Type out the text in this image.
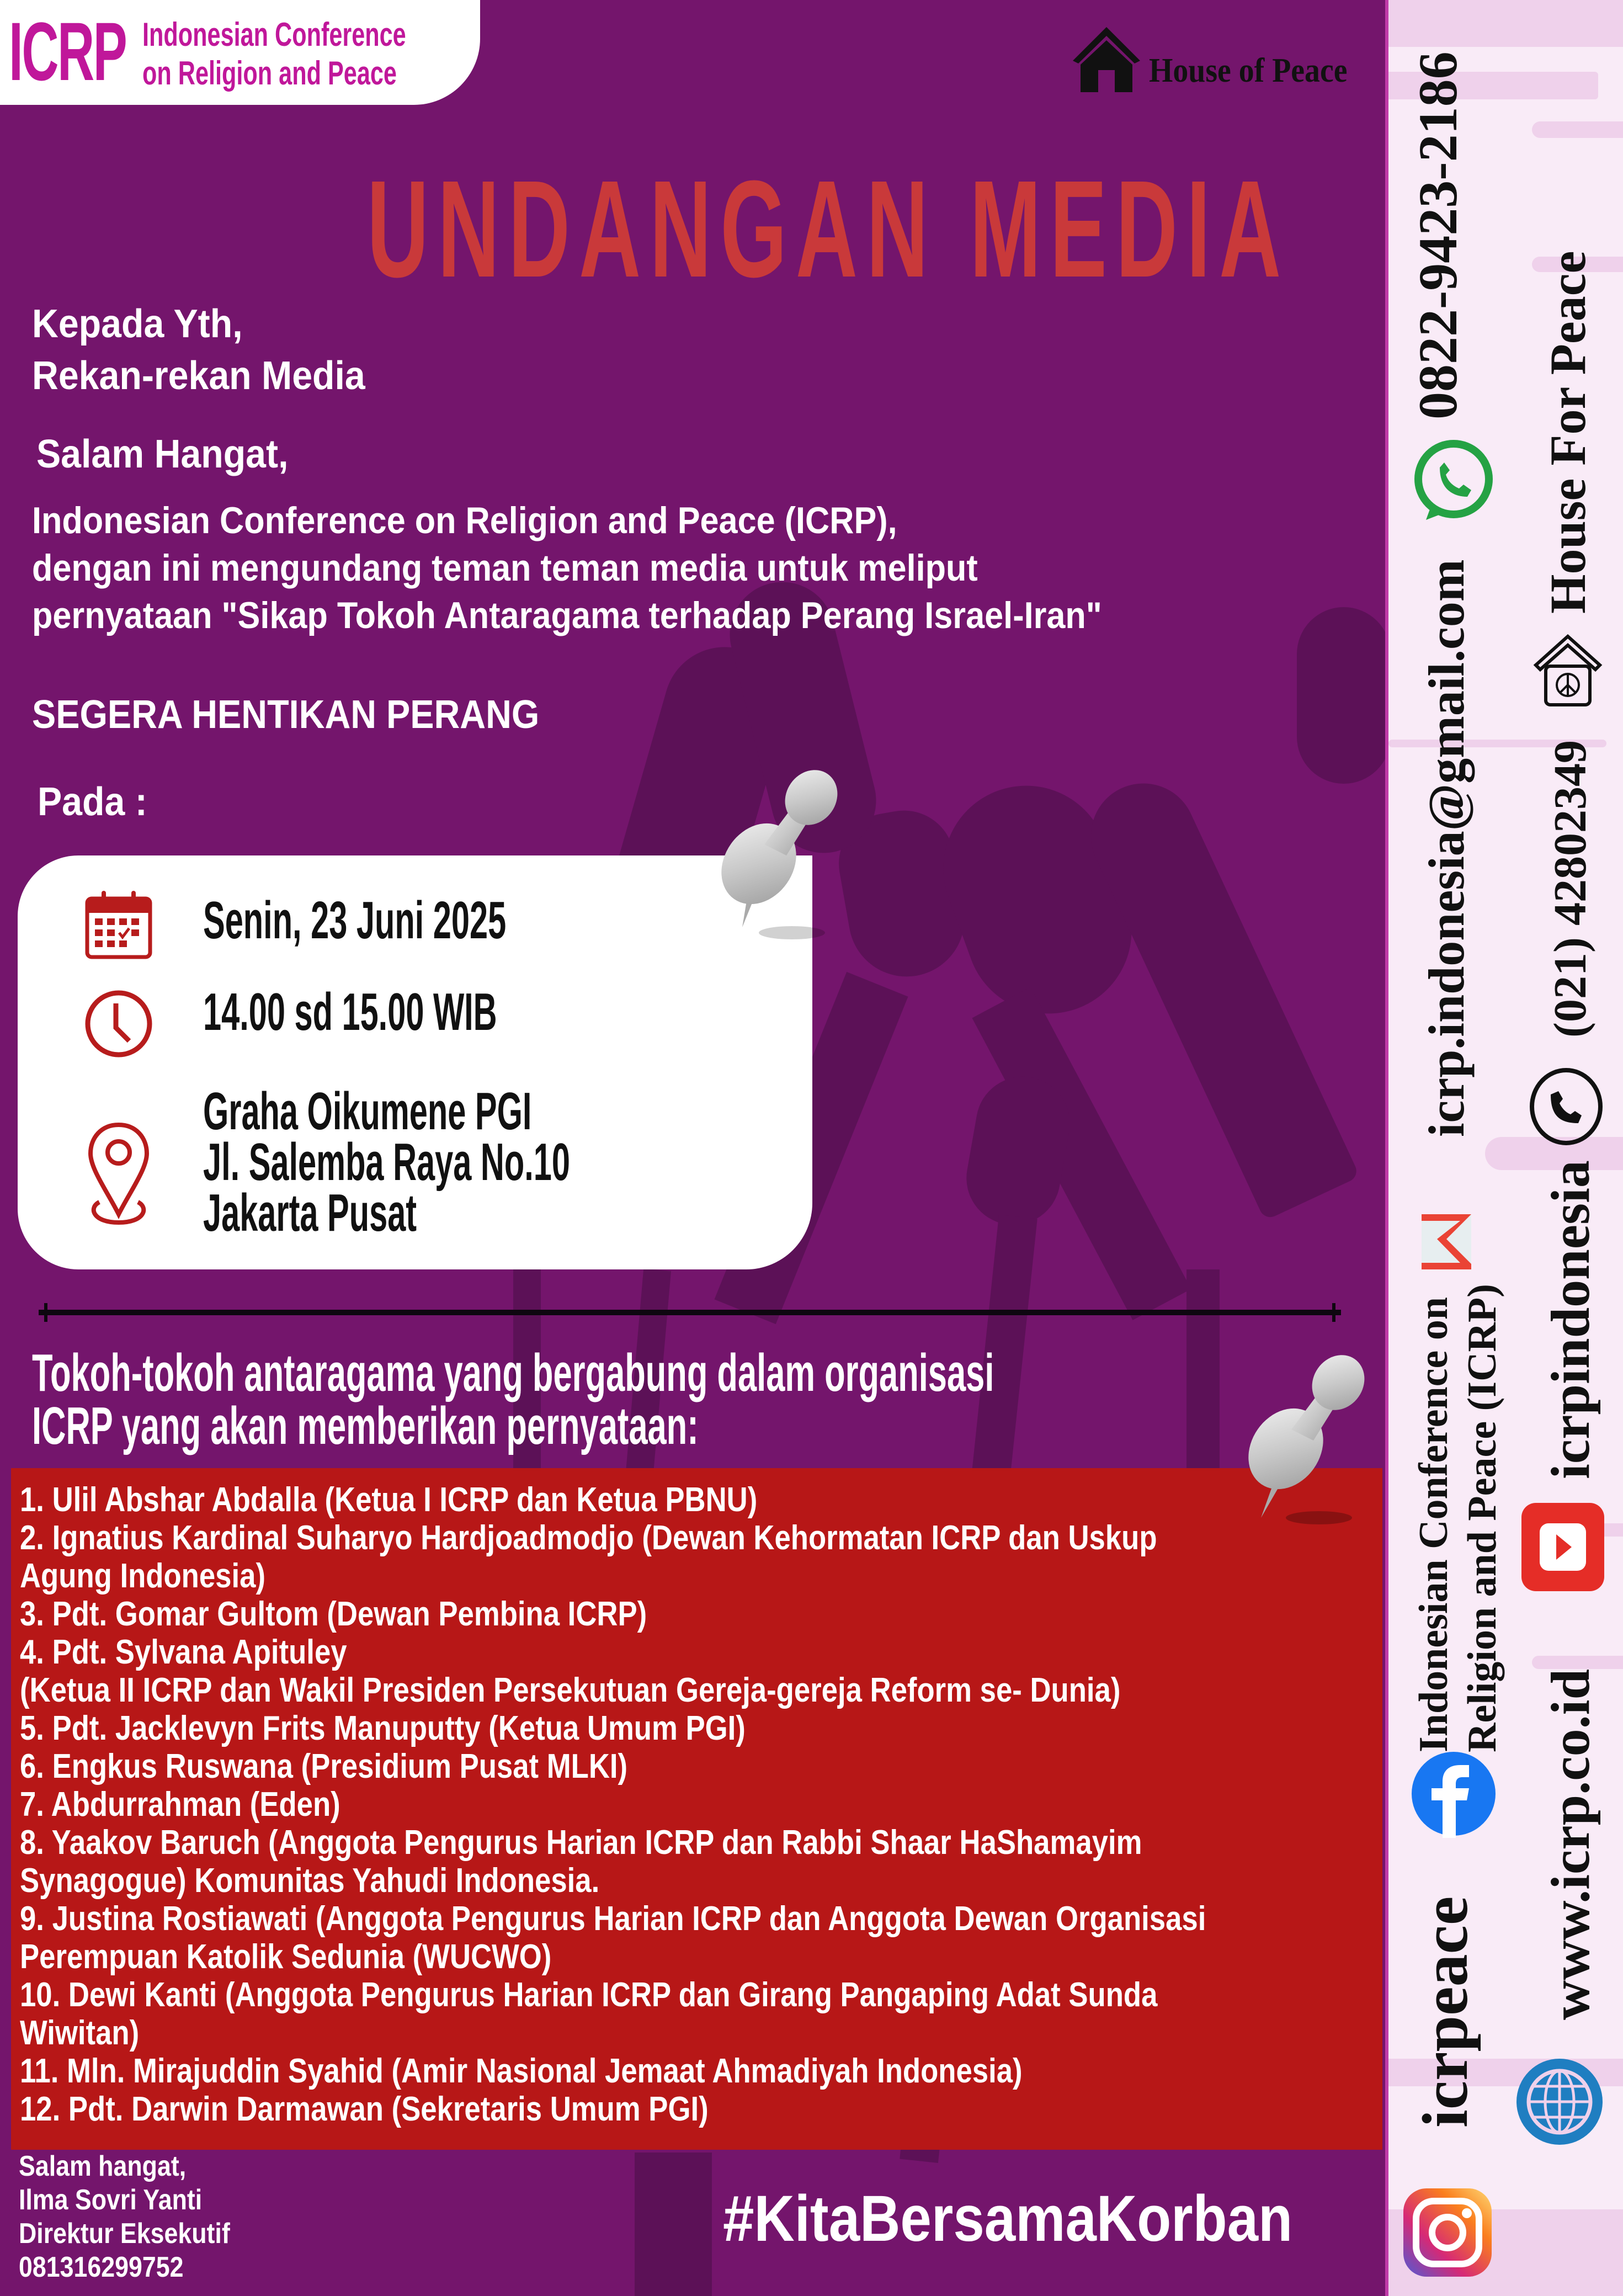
ICRP Indonesian Conference
on Religion and Peace	House of Peace
UNDANGAN MEDIA
Kepada Yth,
Rekan-rekan Media
Salam Hangat,
Indonesian Conference on Religion and Peace (ICRP),
dengan ini mengundang teman teman media untuk meliput
pernyataan "Sikap Tokoh Antaragama terhadap Perang Israel-Iran"
SEGERA HENTIKAN PERANG
Pada :
Senin, 23 Juni 2025
14.00 sd 15.00 WIB
Graha Oikumene PGI
Jl. Salemba Raya No.10
Jakarta Pusat
Tokoh-tokoh antaragama yang bergabung dalam organisasi
ICRP yang akan memberikan pernyataan:
1. Ulil Abshar Abdalla (Ketua I ICRP dan Ketua PBNU)
2. Ignatius Kardinal Suharyo Hardjoadmodjo (Dewan Kehormatan ICRP dan Uskup
Agung Indonesia)
3. Pdt. Gomar Gultom (Dewan Pembina ICRP)
4. Pdt. Sylvana Apituley
(Ketua II ICRP dan Wakil Presiden Persekutuan Gereja-gereja Reform se- Dunia)
5. Pdt. Jacklevyn Frits Manuputty (Ketua Umum PGI)
6. Engkus Ruswana (Presidium Pusat MLKI)
7. Abdurrahman (Eden)
8. Yaakov Baruch (Anggota Pengurus Harian ICRP dan Rabbi Shaar HaShamayim
Synagogue) Komunitas Yahudi Indonesia.
9. Justina Rostiawati (Anggota Pengurus Harian ICRP dan Anggota Dewan Organisasi
Perempuan Katolik Sedunia (WUCWO)
10. Dewi Kanti (Anggota Pengurus Harian ICRP dan Girang Pangaping Adat Sunda
Wiwitan)
11. Mln. Mirajuddin Syahid (Amir Nasional Jemaat Ahmadiyah Indonesia)
12. Pdt. Darwin Darmawan (Sekretaris Umum PGI)
Salam hangat,
Ilma Sovri Yanti
Direktur Eksekutif
081316299752
#KitaBersamaKorban
0822-9423-2186
icrp.indonesia@gmail.com
Indonesian Conference on Religion and Peace (ICRP)
icrpeace
House For Peace
(021) 42802349
icrpindonesia
www.icrp.co.id
